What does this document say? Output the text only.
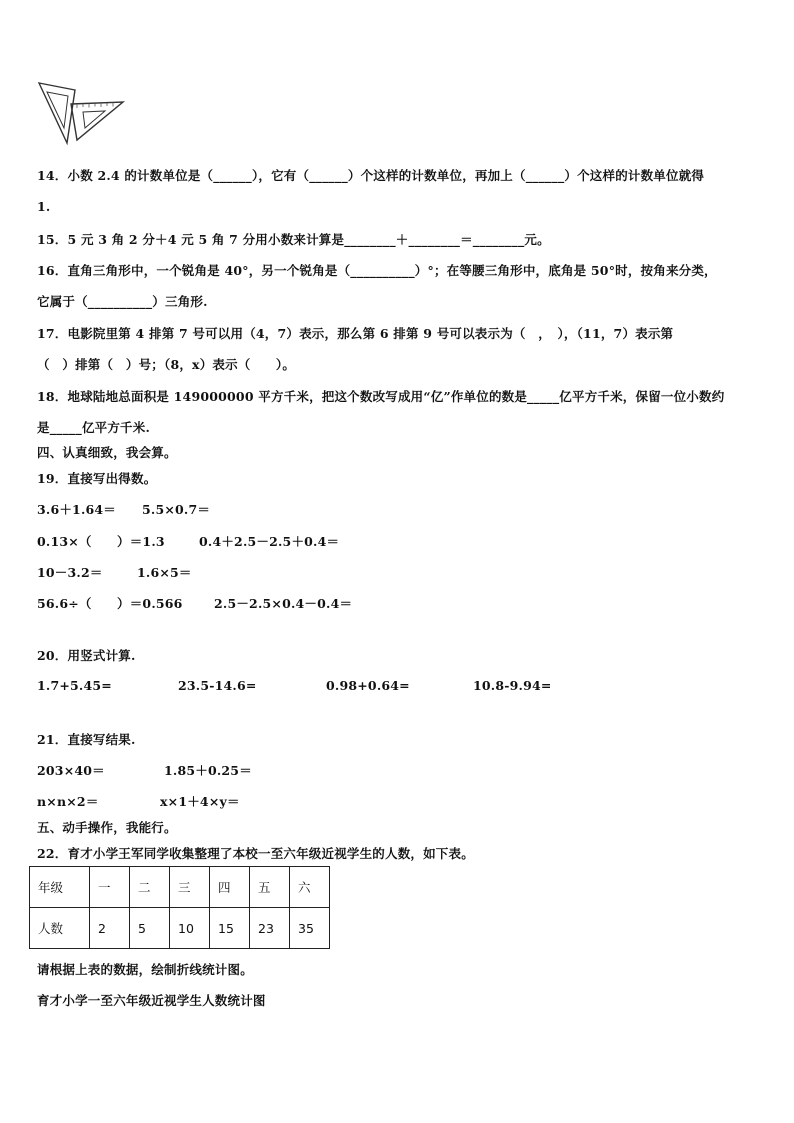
14．小数 2.4 的计数单位是（______），它有（______）个这样的计数单位，再加上（______）个这样的计数单位就得
1.
15．5 元 3 角 2 分＋4 元 5 角 7 分用小数来计算是________＋________＝________元。
16．直角三角形中，一个锐角是 40°，另一个锐角是（__________）°；在等腰三角形中，底角是 50°时，按角来分类，
它属于（__________）三角形.
17．电影院里第 4 排第 7 号可以用（4，7）表示，那么第 6 排第 9 号可以表示为（　，　），（11，7）表示第
（　）排第（　）号；（8，x）表示（　　）。
18．地球陆地总面积是 149000000 平方千米，把这个数改写成用“亿”作单位的数是_____亿平方千米，保留一位小数约
是_____亿平方千米.
四、认真细致，我会算。
19．直接写出得数。
3.6＋1.64＝ 5.5×0.7＝
0.13×（　　）＝1.3	0.4＋2.5－2.5＋0.4＝
10－3.2＝	1.6×5＝
56.6÷（　　）＝0.566	2.5－2.5×0.4－0.4＝
20．用竖式计算.
1.7+5.45=	23.5-14.6=	0.98+0.64=	10.8-9.94=
21．直接写结果.
203×40＝	1.85＋0.25＝
n×n×2＝	x×1＋4×y＝
五、动手操作，我能行。
22．育才小学王军同学收集整理了本校一至六年级近视学生的人数，如下表。
年级	一	二	三	四	五	六
人数	2	5	10	15	23	35
请根据上表的数据，绘制折线统计图。
育才小学一至六年级近视学生人数统计图
